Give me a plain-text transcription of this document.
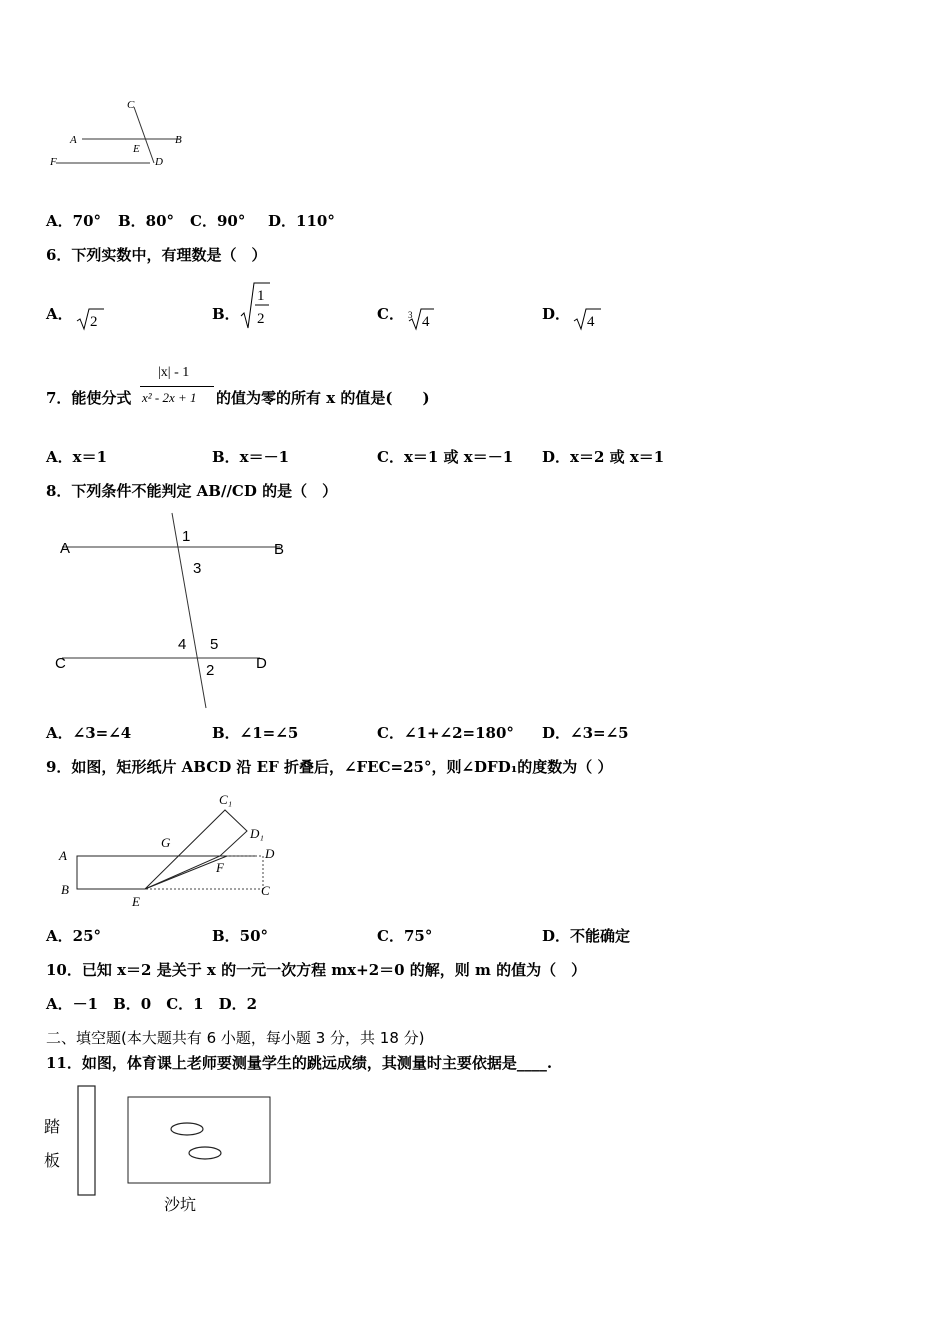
C
A	B
E
F	D
A．70° B．80° C．90° D．110°
6．下列实数中，有理数是（　）
A． 2	B．
1
2	C． 3 4	D． 4
7．能使分式
|x| - 1
x² - 2x + 1 的值为零的所有 x 的值是(　　)
A．x＝1	B．x＝－1	C．x＝1 或 x＝－1 D．x＝2 或 x＝1
8．下列条件不能判定 AB//CD 的是（　）
A	B
C	D
1
3
4 5
2
A．∠3=∠4	B．∠1=∠5	C．∠1+∠2=180° D．∠3=∠5
9．如图，矩形纸片 ABCD 沿 EF 折叠后，∠FEC=25°，则∠DFD₁的度数为（ ）
C₁
D₁
G
A	D
F
B	C
E
A．25°	B．50°	C．75°	D．不能确定
10．已知 x＝2 是关于 x 的一元一次方程 mx+2＝0 的解，则 m 的值为（　）
A．－1　B．0　C．1　D．2
二、填空题(本大题共有 6 小题，每小题 3 分，共 18 分)
11．如图，体育课上老师要测量学生的跳远成绩，其测量时主要依据是____.
踏
板
沙坑
